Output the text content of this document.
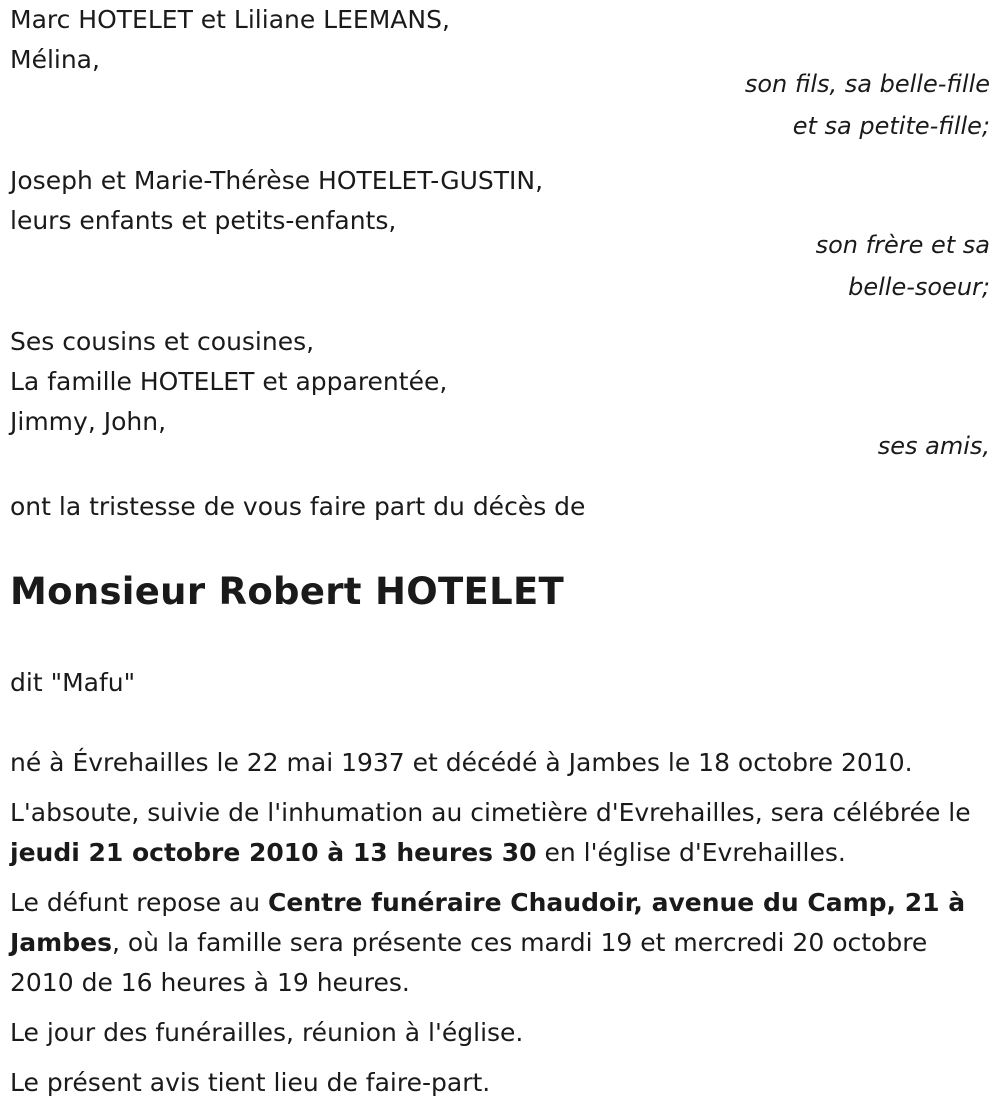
Marc HOTELET et Liliane LEEMANS,
Mélina,
son fils, sa belle-fille
et sa petite-fille;
Joseph et Marie-Thérèse HOTELET-GUSTIN,
leurs enfants et petits-enfants,
son frère et sa
belle-soeur;
Ses cousins et cousines,
La famille HOTELET et apparentée,
Jimmy, John,
ses amis,
ont la tristesse de vous faire part du décès de
Monsieur Robert HOTELET
dit "Mafu"

né à Évrehailles le 22 mai 1937 et décédé à Jambes le 18 octobre 2010.

L'absoute, suivie de l'inhumation au cimetière d'Evrehailles, sera célébrée le jeudi 21 octobre 2010 à 13 heures 30 en l'église d'Evrehailles.

Le défunt repose au Centre funéraire Chaudoir, avenue du Camp, 21 à Jambes, où la famille sera présente ces mardi 19 et mercredi 20 octobre 2010 de 16 heures à 19 heures.

Le jour des funérailles, réunion à l'église.

Le présent avis tient lieu de faire-part.
